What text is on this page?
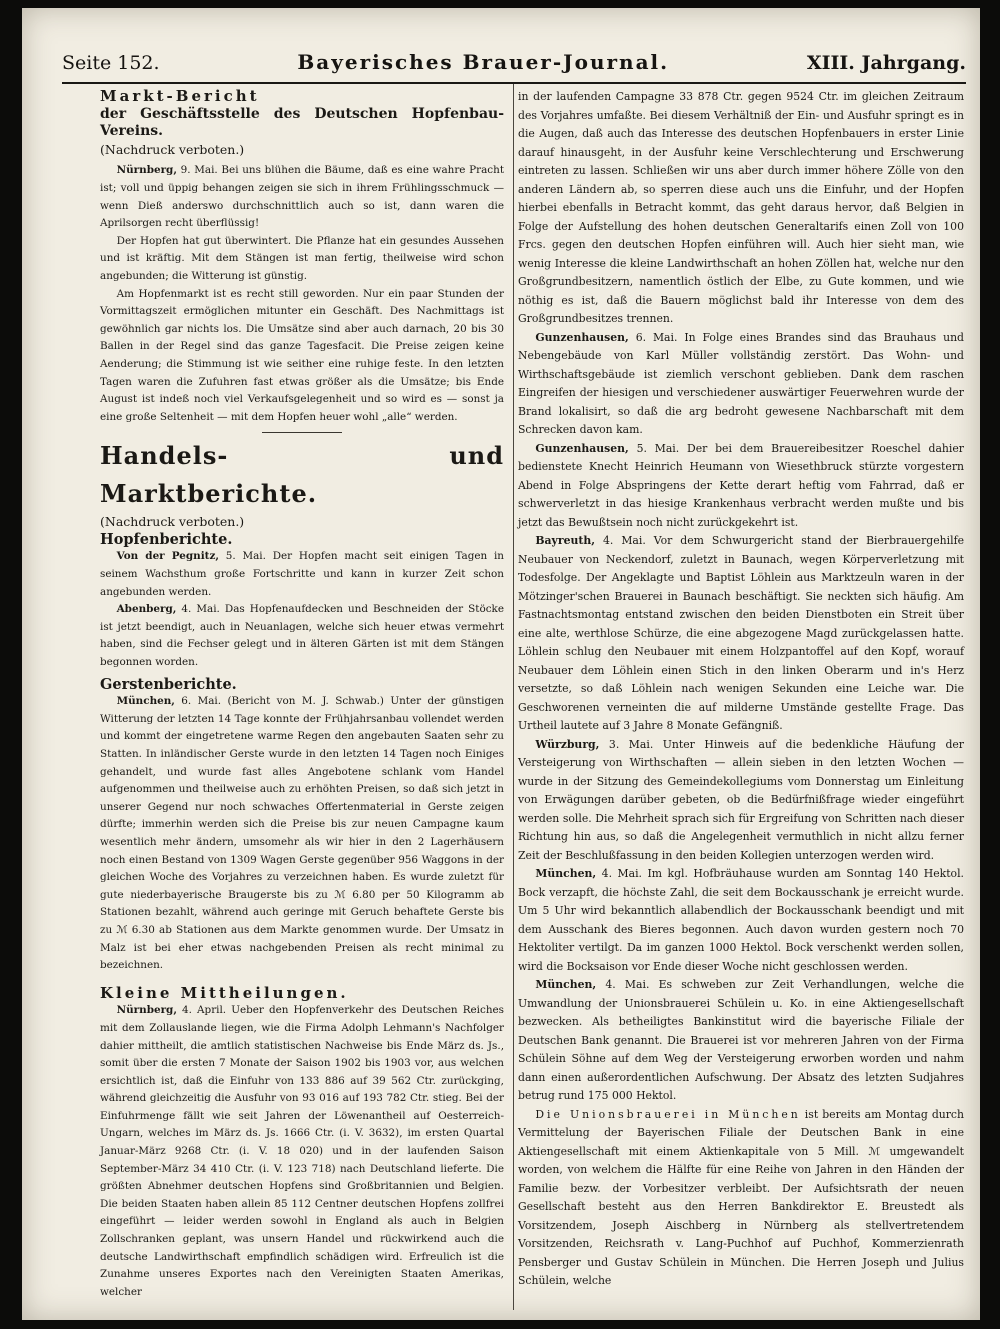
Seite 152.	Bayerisches Brauer-Journal.	XIII. Jahrgang.

Markt-Bericht

der Geschäftsstelle des Deutschen Hopfenbau-Vereins.

(Nachdruck verboten.)

Nürnberg, 9. Mai. Bei uns blühen die Bäume, daß es eine wahre Pracht ist; voll und üppig behangen zeigen sie sich in ihrem Frühlingsschmuck — wenn Dieß anderswo durchschnittlich auch so ist, dann waren die Aprilsorgen recht überflüssig!

Der Hopfen hat gut überwintert. Die Pflanze hat ein gesundes Aussehen und ist kräftig. Mit dem Stängen ist man fertig, theilweise wird schon angebunden; die Witterung ist günstig.

Am Hopfenmarkt ist es recht still geworden. Nur ein paar Stunden der Vormittagszeit ermöglichen mitunter ein Geschäft. Des Nachmittags ist gewöhnlich gar nichts los. Die Umsätze sind aber auch darnach, 20 bis 30 Ballen in der Regel sind das ganze Tagesfacit. Die Preise zeigen keine Aenderung; die Stimmung ist wie seither eine ruhige feste. In den letzten Tagen waren die Zufuhren fast etwas größer als die Umsätze; bis Ende August ist indeß noch viel Verkaufsgelegenheit und so wird es — sonst ja eine große Seltenheit — mit dem Hopfen heuer wohl „alle“ werden.

Handels- und Marktberichte.

(Nachdruck verboten.)

Hopfenberichte.

Von der Pegnitz, 5. Mai. Der Hopfen macht seit einigen Tagen in seinem Wachsthum große Fortschritte und kann in kurzer Zeit schon angebunden werden.

Abenberg, 4. Mai. Das Hopfenaufdecken und Beschneiden der Stöcke ist jetzt beendigt, auch in Neuanlagen, welche sich heuer etwas vermehrt haben, sind die Fechser gelegt und in älteren Gärten ist mit dem Stängen begonnen worden.

Gerstenberichte.

München, 6. Mai. (Bericht von M. J. Schwab.) Unter der günstigen Witterung der letzten 14 Tage konnte der Frühjahrsanbau vollendet werden und kommt der eingetretene warme Regen den angebauten Saaten sehr zu Statten. In inländischer Gerste wurde in den letzten 14 Tagen noch Einiges gehandelt, und wurde fast alles Angebotene schlank vom Handel aufgenommen und theilweise auch zu erhöhten Preisen, so daß sich jetzt in unserer Gegend nur noch schwaches Offertenmaterial in Gerste zeigen dürfte; immerhin werden sich die Preise bis zur neuen Campagne kaum wesentlich mehr ändern, umsomehr als wir hier in den 2 Lagerhäusern noch einen Bestand von 1309 Wagen Gerste gegenüber 956 Waggons in der gleichen Woche des Vorjahres zu verzeichnen haben. Es wurde zuletzt für gute niederbayerische Braugerste bis zu ℳ 6.80 per 50 Kilogramm ab Stationen bezahlt, während auch geringe mit Geruch behaftete Gerste bis zu ℳ 6.30 ab Stationen aus dem Markte genommen wurde. Der Umsatz in Malz ist bei eher etwas nachgebenden Preisen als recht minimal zu bezeichnen.

Kleine Mittheilungen.

Nürnberg, 4. April. Ueber den Hopfenverkehr des Deutschen Reiches mit dem Zollauslande liegen, wie die Firma Adolph Lehmann's Nachfolger dahier mittheilt, die amtlich statistischen Nachweise bis Ende März ds. Js., somit über die ersten 7 Monate der Saison 1902 bis 1903 vor, aus welchen ersichtlich ist, daß die Einfuhr von 133 886 auf 39 562 Ctr. zurückging, während gleichzeitig die Ausfuhr von 93 016 auf 193 782 Ctr. stieg. Bei der Einfuhrmenge fällt wie seit Jahren der Löwenantheil auf Oesterreich-Ungarn, welches im März ds. Js. 1666 Ctr. (i. V. 3632), im ersten Quartal Januar-März 9268 Ctr. (i. V. 18 020) und in der laufenden Saison September-März 34 410 Ctr. (i. V. 123 718) nach Deutschland lieferte. Die größten Abnehmer deutschen Hopfens sind Großbritannien und Belgien. Die beiden Staaten haben allein 85 112 Centner deutschen Hopfens zollfrei eingeführt — leider werden sowohl in England als auch in Belgien Zollschranken geplant, was unsern Handel und rückwirkend auch die deutsche Landwirthschaft empfindlich schädigen wird. Erfreulich ist die Zunahme unseres Exportes nach den Vereinigten Staaten Amerikas, welcher

in der laufenden Campagne 33 878 Ctr. gegen 9524 Ctr. im gleichen Zeitraum des Vorjahres umfaßte. Bei diesem Verhältniß der Ein- und Ausfuhr springt es in die Augen, daß auch das Interesse des deutschen Hopfenbauers in erster Linie darauf hinausgeht, in der Ausfuhr keine Verschlechterung und Erschwerung eintreten zu lassen. Schließen wir uns aber durch immer höhere Zölle von den anderen Ländern ab, so sperren diese auch uns die Einfuhr, und der Hopfen hierbei ebenfalls in Betracht kommt, das geht daraus hervor, daß Belgien in Folge der Aufstellung des hohen deutschen Generaltarifs einen Zoll von 100 Frcs. gegen den deutschen Hopfen einführen will. Auch hier sieht man, wie wenig Interesse die kleine Landwirthschaft an hohen Zöllen hat, welche nur den Großgrundbesitzern, namentlich östlich der Elbe, zu Gute kommen, und wie nöthig es ist, daß die Bauern möglichst bald ihr Interesse von dem des Großgrundbesitzes trennen.

Gunzenhausen, 6. Mai. In Folge eines Brandes sind das Brauhaus und Nebengebäude von Karl Müller vollständig zerstört. Das Wohn- und Wirthschaftsgebäude ist ziemlich verschont geblieben. Dank dem raschen Eingreifen der hiesigen und verschiedener auswärtiger Feuerwehren wurde der Brand lokalisirt, so daß die arg bedroht gewesene Nachbarschaft mit dem Schrecken davon kam.

Gunzenhausen, 5. Mai. Der bei dem Brauereibesitzer Roeschel dahier bedienstete Knecht Heinrich Heumann von Wiesethbruck stürzte vorgestern Abend in Folge Abspringens der Kette derart heftig vom Fahrrad, daß er schwerverletzt in das hiesige Krankenhaus verbracht werden mußte und bis jetzt das Bewußtsein noch nicht zurückgekehrt ist.

Bayreuth, 4. Mai. Vor dem Schwurgericht stand der Bierbrauergehilfe Neubauer von Neckendorf, zuletzt in Baunach, wegen Körperverletzung mit Todesfolge. Der Angeklagte und Baptist Löhlein aus Marktzeuln waren in der Mötzinger'schen Brauerei in Baunach beschäftigt. Sie neckten sich häufig. Am Fastnachtsmontag entstand zwischen den beiden Dienstboten ein Streit über eine alte, werthlose Schürze, die eine abgezogene Magd zurückgelassen hatte. Löhlein schlug den Neubauer mit einem Holzpantoffel auf den Kopf, worauf Neubauer dem Löhlein einen Stich in den linken Oberarm und in's Herz versetzte, so daß Löhlein nach wenigen Sekunden eine Leiche war. Die Geschworenen verneinten die auf milderne Umstände gestellte Frage. Das Urtheil lautete auf 3 Jahre 8 Monate Gefängniß.

Würzburg, 3. Mai. Unter Hinweis auf die bedenkliche Häufung der Versteigerung von Wirthschaften — allein sieben in den letzten Wochen — wurde in der Sitzung des Gemeindekollegiums vom Donnerstag um Einleitung von Erwägungen darüber gebeten, ob die Bedürfnißfrage wieder eingeführt werden solle. Die Mehrheit sprach sich für Ergreifung von Schritten nach dieser Richtung hin aus, so daß die Angelegenheit vermuthlich in nicht allzu ferner Zeit der Beschlußfassung in den beiden Kollegien unterzogen werden wird.

München, 4. Mai. Im kgl. Hofbräuhause wurden am Sonntag 140 Hektol. Bock verzapft, die höchste Zahl, die seit dem Bockausschank je erreicht wurde. Um 5 Uhr wird bekanntlich allabendlich der Bockausschank beendigt und mit dem Ausschank des Bieres begonnen. Auch davon wurden gestern noch 70 Hektoliter vertilgt. Da im ganzen 1000 Hektol. Bock verschenkt werden sollen, wird die Bocksaison vor Ende dieser Woche nicht geschlossen werden.

München, 4. Mai. Es schweben zur Zeit Verhandlungen, welche die Umwandlung der Unionsbrauerei Schülein u. Ko. in eine Aktiengesellschaft bezwecken. Als betheiligtes Bankinstitut wird die bayerische Filiale der Deutschen Bank genannt. Die Brauerei ist vor mehreren Jahren von der Firma Schülein Söhne auf dem Weg der Versteigerung erworben worden und nahm dann einen außerordentlichen Aufschwung. Der Absatz des letzten Sudjahres betrug rund 175 000 Hektol.

Die Unionsbrauerei in München ist bereits am Montag durch Vermittelung der Bayerischen Filiale der Deutschen Bank in eine Aktiengesellschaft mit einem Aktienkapitale von 5 Mill. ℳ umgewandelt worden, von welchem die Hälfte für eine Reihe von Jahren in den Händen der Familie bezw. der Vorbesitzer verbleibt. Der Aufsichtsrath der neuen Gesellschaft besteht aus den Herren Bankdirektor E. Breustedt als Vorsitzendem, Joseph Aischberg in Nürnberg als stellvertretendem Vorsitzenden, Reichsrath v. Lang-Puchhof auf Puchhof, Kommerzienrath Pensberger und Gustav Schülein in München. Die Herren Joseph und Julius Schülein, welche
